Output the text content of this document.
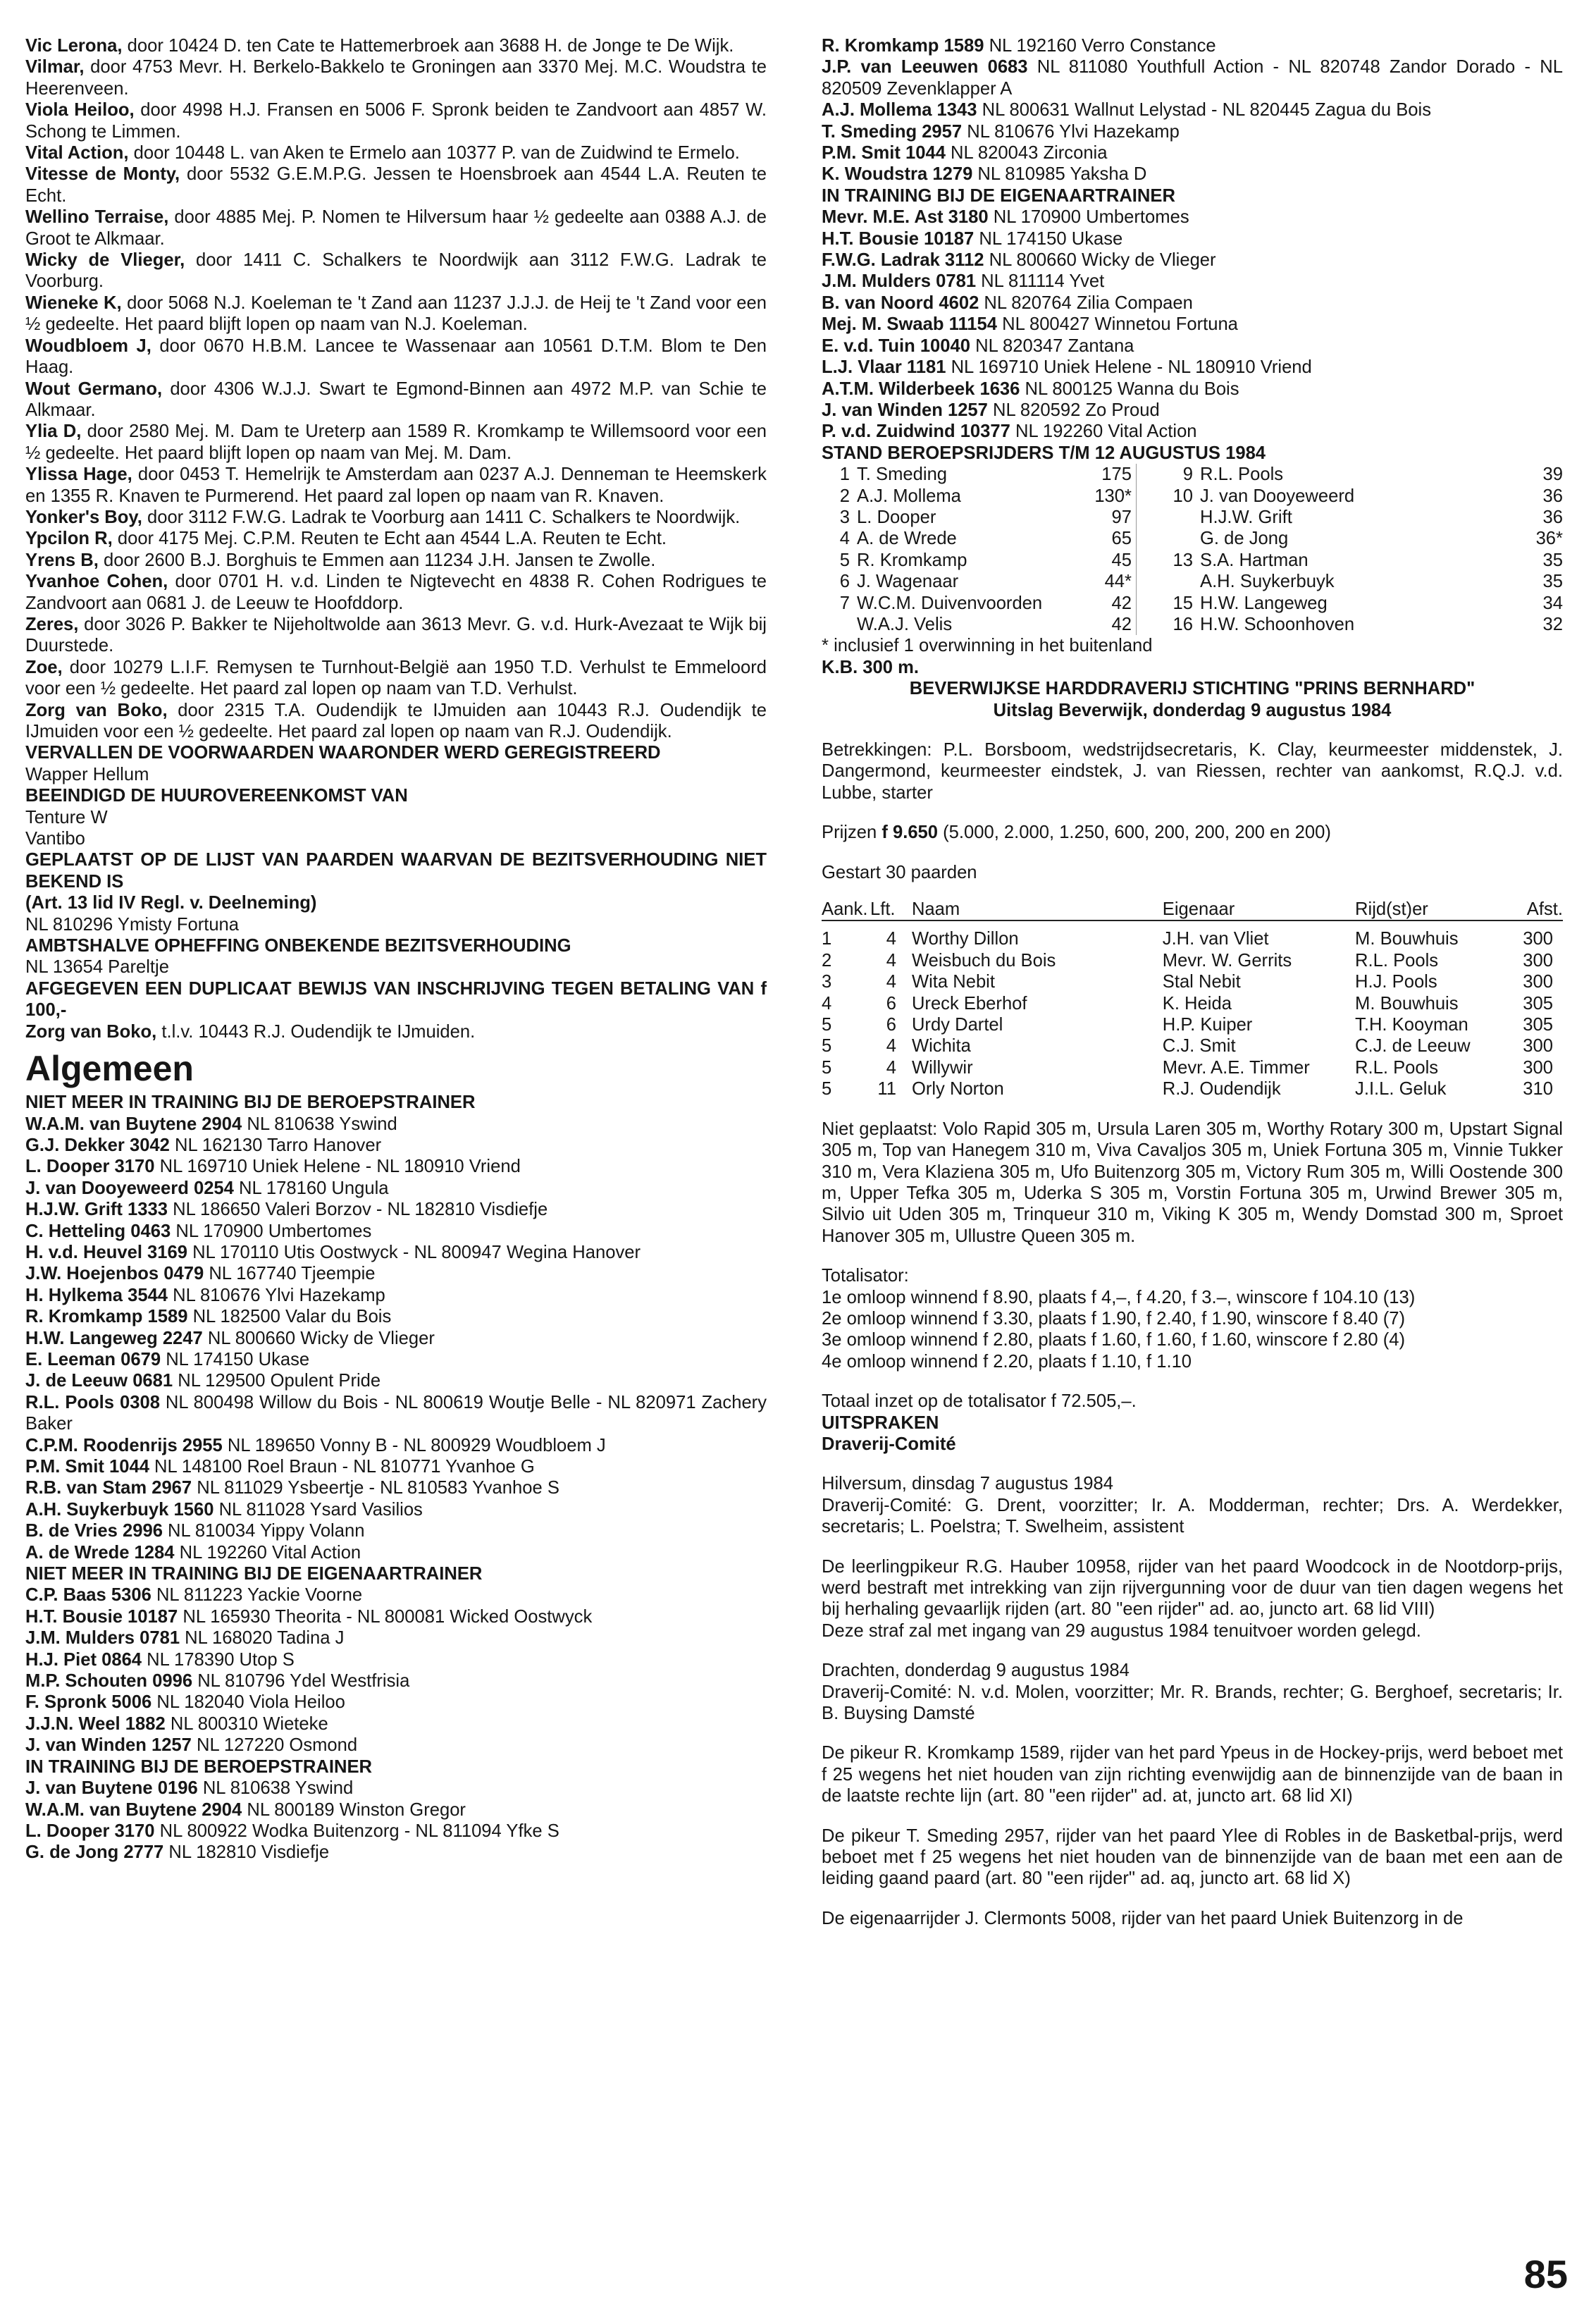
Vic Lerona, door 10424 D. ten Cate te Hattemerbroek aan 3688 H. de Jonge te De Wijk.

Vilmar, door 4753 Mevr. H. Berkelo-Bakkelo te Groningen aan 3370 Mej. M.C. Woudstra te Heerenveen.

Viola Heiloo, door 4998 H.J. Fransen en 5006 F. Spronk beiden te Zandvoort aan 4857 W. Schong te Limmen.

Vital Action, door 10448 L. van Aken te Ermelo aan 10377 P. van de Zuidwind te Ermelo.

Vitesse de Monty, door 5532 G.E.M.P.G. Jessen te Hoensbroek aan 4544 L.A. Reuten te Echt.

Wellino Terraise, door 4885 Mej. P. Nomen te Hilversum haar ½ gedeelte aan 0388 A.J. de Groot te Alkmaar.

Wicky de Vlieger, door 1411 C. Schalkers te Noordwijk aan 3112 F.W.G. Ladrak te Voorburg.

Wieneke K, door 5068 N.J. Koeleman te 't Zand aan 11237 J.J.J. de Heij te 't Zand voor een ½ gedeelte. Het paard blijft lopen op naam van N.J. Koeleman.

Woudbloem J, door 0670 H.B.M. Lancee te Wassenaar aan 10561 D.T.M. Blom te Den Haag.

Wout Germano, door 4306 W.J.J. Swart te Egmond-Binnen aan 4972 M.P. van Schie te Alkmaar.

Ylia D, door 2580 Mej. M. Dam te Ureterp aan 1589 R. Kromkamp te Willemsoord voor een ½ gedeelte. Het paard blijft lopen op naam van Mej. M. Dam.

Ylissa Hage, door 0453 T. Hemelrijk te Amsterdam aan 0237 A.J. Denneman te Heemskerk en 1355 R. Knaven te Purmerend. Het paard zal lopen op naam van R. Knaven.

Yonker's Boy, door 3112 F.W.G. Ladrak te Voorburg aan 1411 C. Schalkers te Noordwijk.

Ypcilon R, door 4175 Mej. C.P.M. Reuten te Echt aan 4544 L.A. Reuten te Echt.

Yrens B, door 2600 B.J. Borghuis te Emmen aan 11234 J.H. Jansen te Zwolle.

Yvanhoe Cohen, door 0701 H. v.d. Linden te Nigtevecht en 4838 R. Cohen Rodrigues te Zandvoort aan 0681 J. de Leeuw te Hoofddorp.

Zeres, door 3026 P. Bakker te Nijeholtwolde aan 3613 Mevr. G. v.d. Hurk-Avezaat te Wijk bij Duurstede.

Zoe, door 10279 L.I.F. Remysen te Turnhout-België aan 1950 T.D. Verhulst te Emmeloord voor een ½ gedeelte. Het paard zal lopen op naam van T.D. Verhulst.

Zorg van Boko, door 2315 T.A. Oudendijk te IJmuiden aan 10443 R.J. Oudendijk te IJmuiden voor een ½ gedeelte. Het paard zal lopen op naam van R.J. Oudendijk.

VERVALLEN DE VOORWAARDEN WAARONDER WERD GEREGISTREERD

Wapper Hellum

BEEINDIGD DE HUUROVEREENKOMST VAN

Tenture W

Vantibo

GEPLAATST OP DE LIJST VAN PAARDEN WAARVAN DE BEZITSVERHOUDING NIET BEKEND IS

(Art. 13 lid IV Regl. v. Deelneming)

NL 810296 Ymisty Fortuna

AMBTSHALVE OPHEFFING ONBEKENDE BEZITSVERHOUDING

NL 13654 Pareltje

AFGEGEVEN EEN DUPLICAAT BEWIJS VAN INSCHRIJVING TEGEN BETALING VAN f 100,-

Zorg van Boko, t.l.v. 10443 R.J. Oudendijk te IJmuiden.

Algemeen

NIET MEER IN TRAINING BIJ DE BEROEPSTRAINER

W.A.M. van Buytene 2904 NL 810638 Yswind

G.J. Dekker 3042 NL 162130 Tarro Hanover

L. Dooper 3170 NL 169710 Uniek Helene - NL 180910 Vriend

J. van Dooyeweerd 0254 NL 178160 Ungula

H.J.W. Grift 1333 NL 186650 Valeri Borzov - NL 182810 Visdiefje

C. Hetteling 0463 NL 170900 Umbertomes

H. v.d. Heuvel 3169 NL 170110 Utis Oostwyck - NL 800947 Wegina Hanover

J.W. Hoejenbos 0479 NL 167740 Tjeempie

H. Hylkema 3544 NL 810676 Ylvi Hazekamp

R. Kromkamp 1589 NL 182500 Valar du Bois

H.W. Langeweg 2247 NL 800660 Wicky de Vlieger

E. Leeman 0679 NL 174150 Ukase

J. de Leeuw 0681 NL 129500 Opulent Pride

R.L. Pools 0308 NL 800498 Willow du Bois - NL 800619 Woutje Belle - NL 820971 Zachery Baker

C.P.M. Roodenrijs 2955 NL 189650 Vonny B - NL 800929 Woudbloem J

P.M. Smit 1044 NL 148100 Roel Braun - NL 810771 Yvanhoe G

R.B. van Stam 2967 NL 811029 Ysbeertje - NL 810583 Yvanhoe S

A.H. Suykerbuyk 1560 NL 811028 Ysard Vasilios

B. de Vries 2996 NL 810034 Yippy Volann

A. de Wrede 1284 NL 192260 Vital Action

NIET MEER IN TRAINING BIJ DE EIGENAARTRAINER

C.P. Baas 5306 NL 811223 Yackie Voorne

H.T. Bousie 10187 NL 165930 Theorita - NL 800081 Wicked Oostwyck

J.M. Mulders 0781 NL 168020 Tadina J

H.J. Piet 0864 NL 178390 Utop S

M.P. Schouten 0996 NL 810796 Ydel Westfrisia

F. Spronk 5006 NL 182040 Viola Heiloo

J.J.N. Weel 1882 NL 800310 Wieteke

J. van Winden 1257 NL 127220 Osmond

IN TRAINING BIJ DE BEROEPSTRAINER

J. van Buytene 0196 NL 810638 Yswind

W.A.M. van Buytene 2904 NL 800189 Winston Gregor

L. Dooper 3170 NL 800922 Wodka Buitenzorg - NL 811094 Yfke S

G. de Jong 2777 NL 182810 Visdiefje

R. Kromkamp 1589 NL 192160 Verro Constance

J.P. van Leeuwen 0683 NL 811080 Youthfull Action - NL 820748 Zandor Dorado - NL 820509 Zevenklapper A

A.J. Mollema 1343 NL 800631 Wallnut Lelystad - NL 820445 Zagua du Bois

T. Smeding 2957 NL 810676 Ylvi Hazekamp

P.M. Smit 1044 NL 820043 Zirconia

K. Woudstra 1279 NL 810985 Yaksha D

IN TRAINING BIJ DE EIGENAARTRAINER

Mevr. M.E. Ast 3180 NL 170900 Umbertomes

H.T. Bousie 10187 NL 174150 Ukase

F.W.G. Ladrak 3112 NL 800660 Wicky de Vlieger

J.M. Mulders 0781 NL 811114 Yvet

B. van Noord 4602 NL 820764 Zilia Compaen

Mej. M. Swaab 11154 NL 800427 Winnetou Fortuna

E. v.d. Tuin 10040 NL 820347 Zantana

L.J. Vlaar 1181 NL 169710 Uniek Helene - NL 180910 Vriend

A.T.M. Wilderbeek 1636 NL 800125 Wanna du Bois

J. van Winden 1257 NL 820592 Zo Proud

P. v.d. Zuidwind 10377 NL 192260 Vital Action

STAND BEROEPSRIJDERS T/M 12 AUGUSTUS 1984

1	T. Smeding	175	9	R.L. Pools	39
2	A.J. Mollema	130*	10	J. van Dooyeweerd	36
3	L. Dooper	97		H.J.W. Grift	36
4	A. de Wrede	65		G. de Jong	36*
5	R. Kromkamp	45	13	S.A. Hartman	35
6	J. Wagenaar	44*		A.H. Suykerbuyk	35
7	W.C.M. Duivenvoorden	42	15	H.W. Langeweg	34
	W.A.J. Velis	42	16	H.W. Schoonhoven	32

* inclusief 1 overwinning in het buitenland

K.B. 300 m.

BEVERWIJKSE HARDDRAVERIJ STICHTING "PRINS BERNHARD"

Uitslag Beverwijk, donderdag 9 augustus 1984

Betrekkingen: P.L. Borsboom, wedstrijdsecretaris, K. Clay, keurmeester middenstek, J. Dangermond, keurmeester eindstek, J. van Riessen, rechter van aankomst, R.Q.J. v.d. Lubbe, starter

Prijzen f 9.650 (5.000, 2.000, 1.250, 600, 200, 200, 200 en 200)

Gestart 30 paarden

Aank.	Lft.	Naam	Eigenaar	Rijd(st)er	Afst.

1	4	Worthy Dillon	J.H. van Vliet	M. Bouwhuis	300
2	4	Weisbuch du Bois	Mevr. W. Gerrits	R.L. Pools	300
3	4	Wita Nebit	Stal Nebit	H.J. Pools	300
4	6	Ureck Eberhof	K. Heida	M. Bouwhuis	305
5	6	Urdy Dartel	H.P. Kuiper	T.H. Kooyman	305
5	4	Wichita	C.J. Smit	C.J. de Leeuw	300
5	4	Willywir	Mevr. A.E. Timmer	R.L. Pools	300
5	11	Orly Norton	R.J. Oudendijk	J.I.L. Geluk	310

Niet geplaatst: Volo Rapid 305 m, Ursula Laren 305 m, Worthy Rotary 300 m, Upstart Signal 305 m, Top van Hanegem 310 m, Viva Cavaljos 305 m, Uniek Fortuna 305 m, Vinnie Tukker 310 m, Vera Klaziena 305 m, Ufo Buitenzorg 305 m, Victory Rum 305 m, Willi Oostende 300 m, Upper Tefka 305 m, Uderka S 305 m, Vorstin Fortuna 305 m, Urwind Brewer 305 m, Silvio uit Uden 305 m, Trinqueur 310 m, Viking K 305 m, Wendy Domstad 300 m, Sproet Hanover 305 m, Ullustre Queen 305 m.

Totalisator:

1e omloop winnend f 8.90, plaats f 4,–, f 4.20, f 3.–, winscore f 104.10 (13)

2e omloop winnend f 3.30, plaats f 1.90, f 2.40, f 1.90, winscore f 8.40 (7)

3e omloop winnend f 2.80, plaats f 1.60, f 1.60, f 1.60, winscore f 2.80 (4)

4e omloop winnend f 2.20, plaats f 1.10, f 1.10

Totaal inzet op de totalisator f 72.505,–.

UITSPRAKEN

Draverij-Comité

Hilversum, dinsdag 7 augustus 1984

Draverij-Comité: G. Drent, voorzitter; Ir. A. Modderman, rechter; Drs. A. Werdekker, secretaris; L. Poelstra; T. Swelheim, assistent

De leerlingpikeur R.G. Hauber 10958, rijder van het paard Woodcock in de Nootdorp-prijs, werd bestraft met intrekking van zijn rijvergunning voor de duur van tien dagen wegens het bij herhaling gevaarlijk rijden (art. 80 "een rijder" ad. ao, juncto art. 68 lid VIII)

Deze straf zal met ingang van 29 augustus 1984 tenuitvoer worden gelegd.

Drachten, donderdag 9 augustus 1984

Draverij-Comité: N. v.d. Molen, voorzitter; Mr. R. Brands, rechter; G. Berghoef, secretaris; Ir. B. Buysing Damsté

De pikeur R. Kromkamp 1589, rijder van het pard Ypeus in de Hockey-prijs, werd beboet met f 25 wegens het niet houden van zijn richting evenwijdig aan de binnenzijde van de baan in de laatste rechte lijn (art. 80 "een rijder" ad. at, juncto art. 68 lid XI)

De pikeur T. Smeding 2957, rijder van het paard Ylee di Robles in de Basketbal-prijs, werd beboet met f 25 wegens het niet houden van de binnenzijde van de baan met een aan de leiding gaand paard (art. 80 "een rijder" ad. aq, juncto art. 68 lid X)

De eigenaarrijder J. Clermonts 5008, rijder van het paard Uniek Buitenzorg in de

85
